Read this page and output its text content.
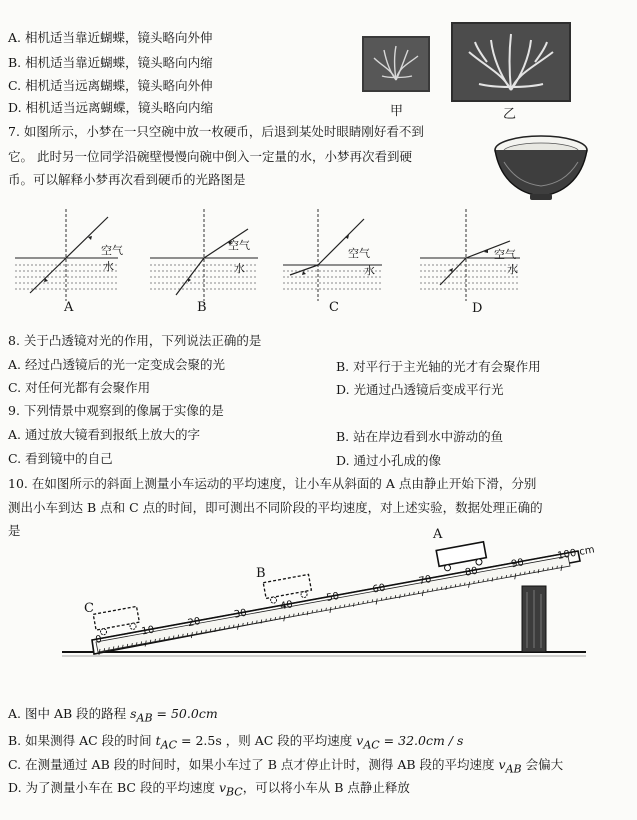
A. 相机适当靠近蝴蝶，镜头略向外伸
B. 相机适当靠近蝴蝶，镜头略向内缩
C. 相机适当远离蝴蝶，镜头略向外伸
D. 相机适当远离蝴蝶，镜头略向内缩	甲	乙
7. 如图所示，小梦在一只空碗中放一枚硬币，后退到某处时眼睛刚好看不到
它。 此时另一位同学沿碗壁慢慢向碗中倒入一定量的水，小梦再次看到硬
币。可以解释小梦再次看到硬币的光路图是
空气
水
空气
水
空气
水
空气
水
A	B	C	D
8. 关于凸透镜对光的作用，下列说法正确的是
A. 经过凸透镜后的光一定变成会聚的光	B. 对平行于主光轴的光才有会聚作用
C. 对任何光都有会聚作用	D. 光通过凸透镜后变成平行光
9. 下列情景中观察到的像属于实像的是
A. 通过放大镜看到报纸上放大的字	B. 站在岸边看到水中游动的鱼
C. 看到镜中的自己	D. 通过小孔成的像
10. 在如图所示的斜面上测量小车运动的平均速度，让小车从斜面的 A 点由静止开始下滑，分别
测出小车到达 B 点和 C 点的时间，即可测出不同阶段的平均速度，对上述实验，数据处理正确的
是
0
10
20
30
40
50
60
70
80
90
100 cm
A
B
C
A. 图中 AB 段的路程 $s_{AB} = 50.0cm$
B. 如果测得 AC 段的时间 $t_{AC} = 2.5s$ ，则 AC 段的平均速度 $v_{AC} = 32.0cm / s$
C. 在测量通过 AB 段的时间时，如果小车过了 B 点才停止计时，测得 AB 段的平均速度 $v_{AB}$ 会偏大
D. 为了测量小车在 BC 段的平均速度 $v_{BC}$，可以将小车从 B 点静止释放
